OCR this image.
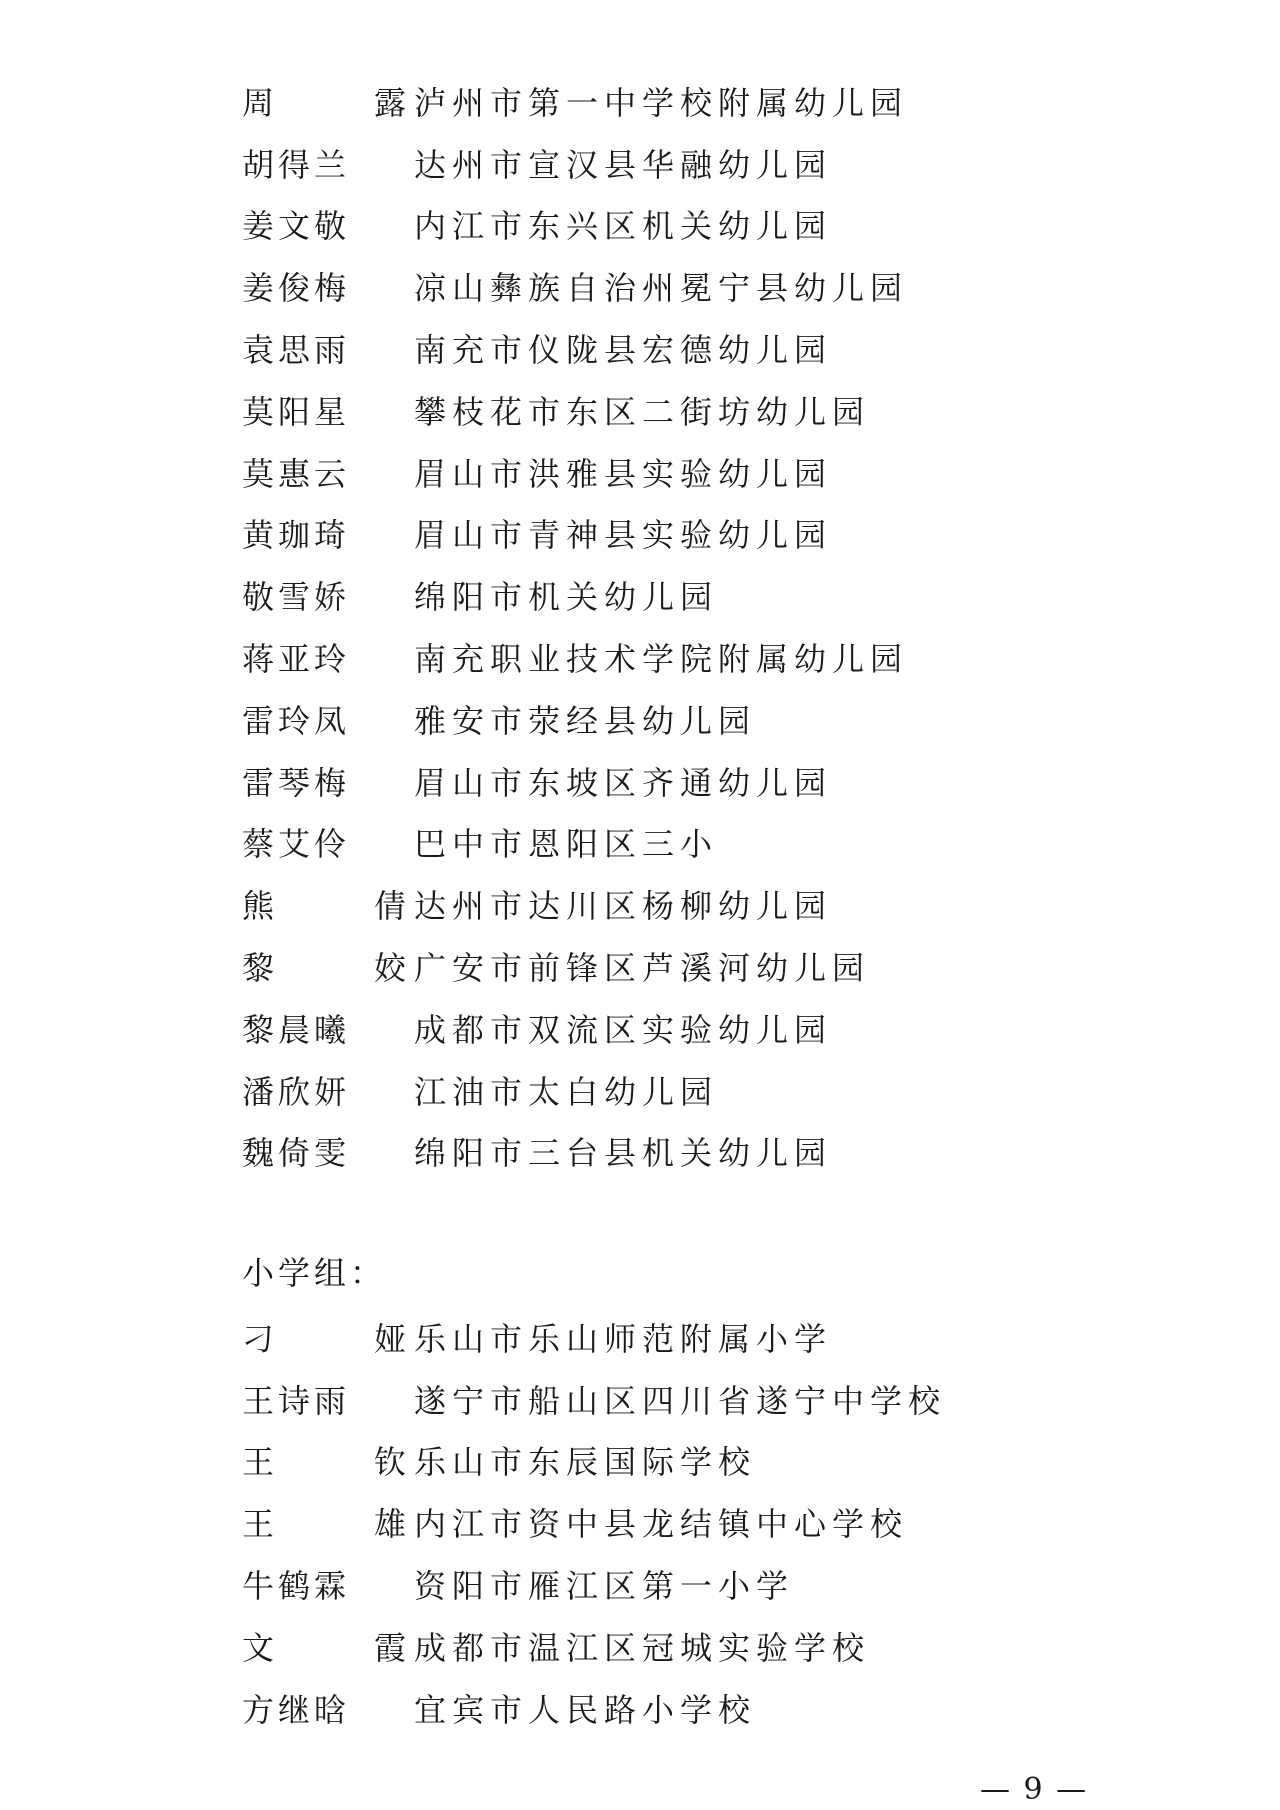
周	露 泸州市第一中学校附属幼儿园
胡得兰	达州市宣汉县华融幼儿园
姜文敬	内江市东兴区机关幼儿园
姜俊梅	凉山彝族自治州冕宁县幼儿园
袁思雨	南充市仪陇县宏德幼儿园
莫阳星	攀枝花市东区二街坊幼儿园
莫惠云	眉山市洪雅县实验幼儿园
黄珈琦	眉山市青神县实验幼儿园
敬雪娇	绵阳市机关幼儿园
蒋亚玲	南充职业技术学院附属幼儿园
雷玲凤	雅安市荥经县幼儿园
雷琴梅	眉山市东坡区齐通幼儿园
蔡艾伶	巴中市恩阳区三小
熊	倩 达州市达川区杨柳幼儿园
黎	姣 广安市前锋区芦溪河幼儿园
黎晨曦	成都市双流区实验幼儿园
潘欣妍	江油市太白幼儿园
魏倚雯	绵阳市三台县机关幼儿园
小学组：
刁	娅 乐山市乐山师范附属小学
王诗雨	遂宁市船山区四川省遂宁中学校
王	钦 乐山市东辰国际学校
王	雄 内江市资中县龙结镇中心学校
牛鹤霖	资阳市雁江区第一小学
文	霞 成都市温江区冠城实验学校
方继晗	宜宾市人民路小学校
— 9 —
